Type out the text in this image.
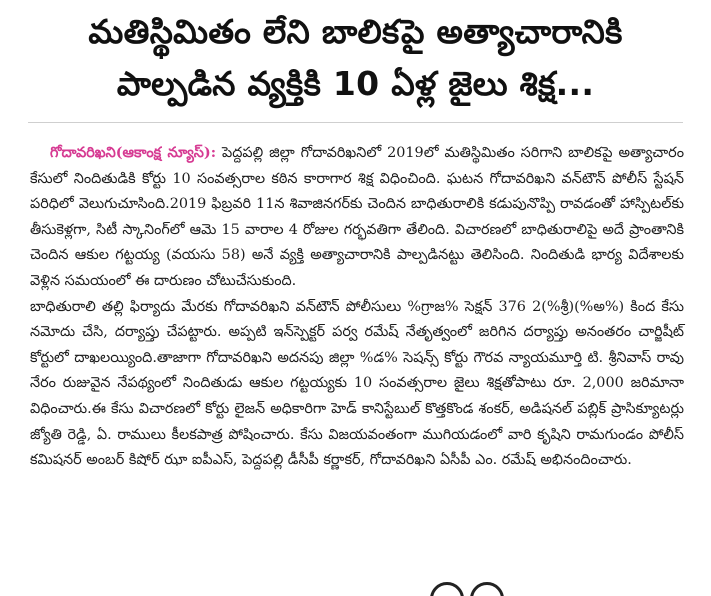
మతిస్థిమితం లేని బాలికపై అత్యాచారానికి
పాల్పడిన వ్యక్తికి 10 ఏళ్ల జైలు శిక్ష...

గోదావరిఖని(ఆకాంక్ష న్యూస్): పెద్దపల్లి జిల్లా గోదావరిఖనిలో 2019లో మతిస్థిమితం సరిగాని బాలికపై అత్యాచారం కేసులో నిందితుడికి కోర్టు 10 సంవత్సరాల కఠిన కారాగార శిక్ష విధించింది. ఘటన గోదావరిఖని వన్‌టౌన్ పోలీస్ స్టేషన్ పరిధిలో వెలుగుచూసింది.2019 ఫిబ్రవరి 11న శివాజినగర్‌కు చెందిన బాధితురాలికి కడుపునొప్పి రావడంతో హాస్పిటల్‌కు తీసుకెళ్లగా, సిటీ స్కానింగ్‌లో ఆమె 15 వారాల 4 రోజుల గర్భవతిగా తేలింది. విచారణలో బాధితురాలిపై అదే ప్రాంతానికి చెందిన ఆకుల గట్టయ్య (వయసు 58) అనే వ్యక్తి అత్యాచారానికి పాల్పడినట్టు తెలిసింది. నిందితుడి భార్య విదేశాలకు వెళ్లిన సమయంలో ఈ దారుణం చోటుచేసుకుంది.

బాధితురాలి తల్లి ఫిర్యాదు మేరకు గోదావరిఖని వన్‌టౌన్ పోలీసులు %గ్రాజ% సెక్షన్ 376 2(%శ్రీ)(%అ%) కింద కేసు నమోదు చేసి, దర్యాప్తు చేపట్టారు. అప్పటి ఇన్‌స్పెక్టర్ పర్వ రమేష్ నేతృత్వంలో జరిగిన దర్యాప్తు అనంతరం చార్జిషీట్ కోర్టులో దాఖలయ్యింది.తాజాగా గోదావరిఖని అదనపు జిల్లా %డ% సెషన్స్ కోర్టు గౌరవ న్యాయమూర్తి టి. శ్రీనివాస్ రావు నేరం రుజువైన నేపథ్యంలో నిందితుడు ఆకుల గట్టయ్యకు 10 సంవత్సరాల జైలు శిక్షతోపాటు రూ. 2,000 జరిమానా విధించారు.ఈ కేసు విచారణలో కోర్టు లైజన్ అధికారిగా హెడ్ కానిస్టేబుల్ కొత్తకొండ శంకర్, అడిషనల్ పబ్లిక్ ప్రాసిక్యూటర్లు జ్యోతి రెడ్డి, ఏ. రాములు కీలకపాత్ర పోషించారు. కేసు విజయవంతంగా ముగియడంలో వారి కృషిని రామగుండం పోలీస్ కమిషనర్ అంబర్ కిషోర్ ఝా ఐపీఎస్, పెద్దపల్లి డీసీపీ కర్ణాకర్, గోదావరిఖని ఏసీపీ ఎం. రమేష్ అభినందించారు.
